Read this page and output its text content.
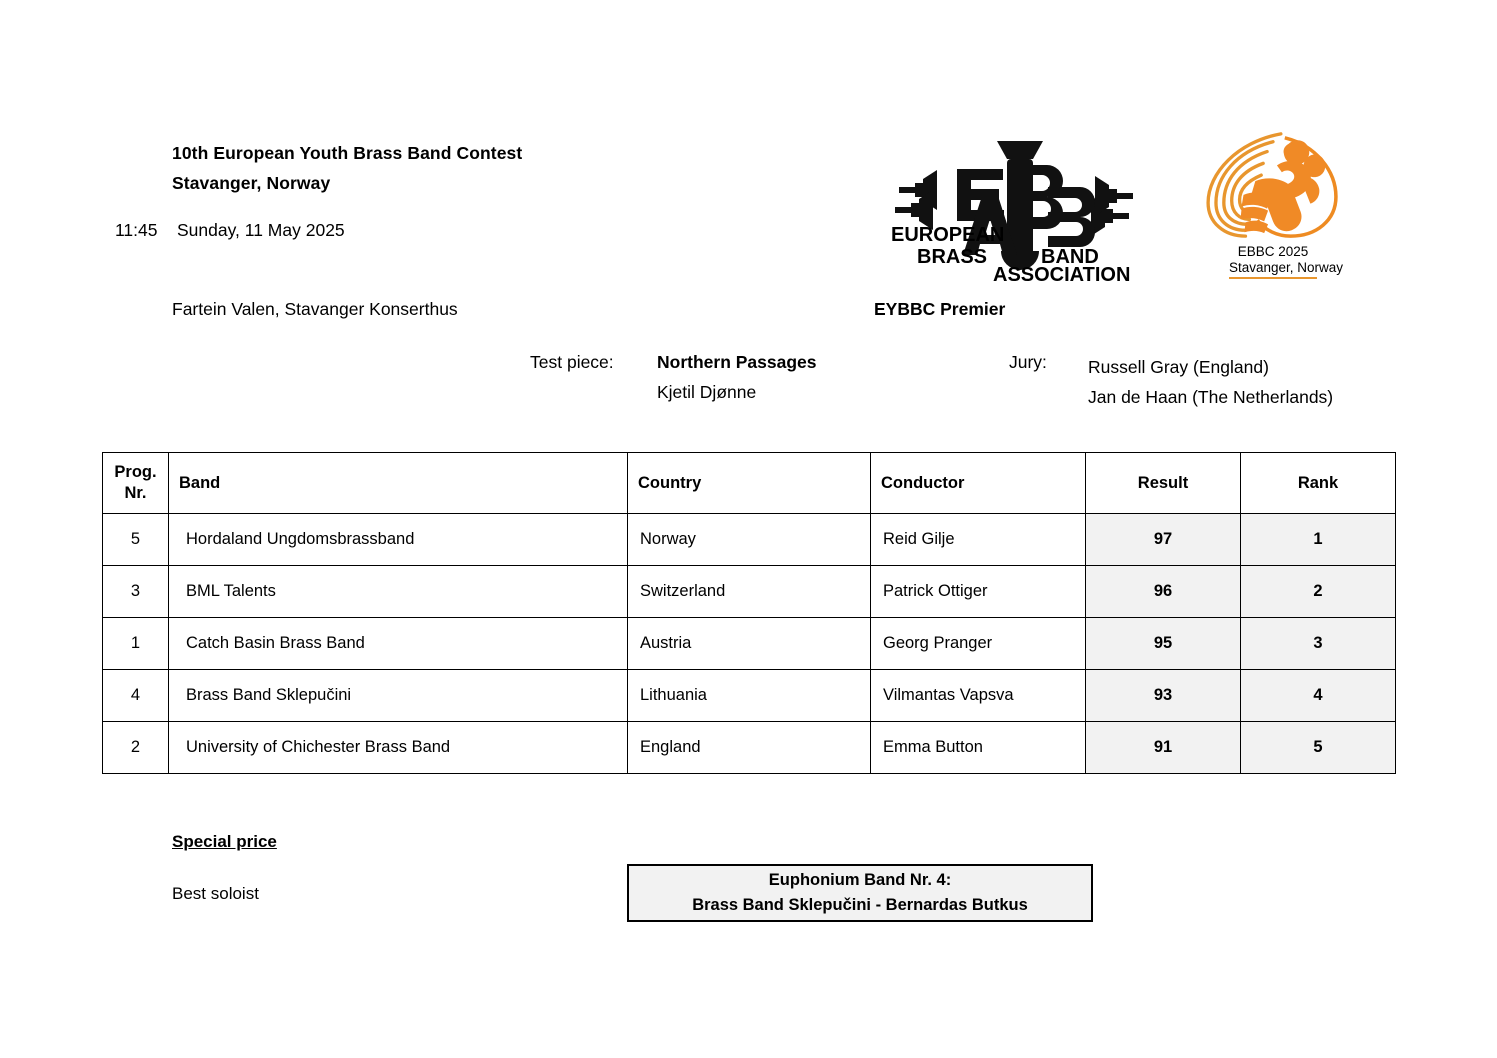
10th European Youth Brass Band Contest
Stavanger, Norway
11:45 Sunday, 11 May 2025
Fartein Valen, Stavanger Konserthus	EYBBC Premier
Test piece: Northern Passages
Kjetil Djønne
Jury: Russell Gray (England)
Jan de Haan (The Netherlands)
EUROPEAN
BRASS	BAND
ASSOCIATION
EBBC 2025
Stavanger, Norway
Prog.
Nr.	Band	Country	Conductor	Result	Rank
5	Hordaland Ungdomsbrassband	Norway	Reid Gilje	97	1
3	BML Talents	Switzerland	Patrick Ottiger	96	2
1	Catch Basin Brass Band	Austria	Georg Pranger	95	3
4	Brass Band Sklepučini	Lithuania	Vilmantas Vapsva	93	4
2	University of Chichester Brass Band	England	Emma Button	91	5
Special price
Best soloist
Euphonium Band Nr. 4:
Brass Band Sklepučini - Bernardas Butkus
